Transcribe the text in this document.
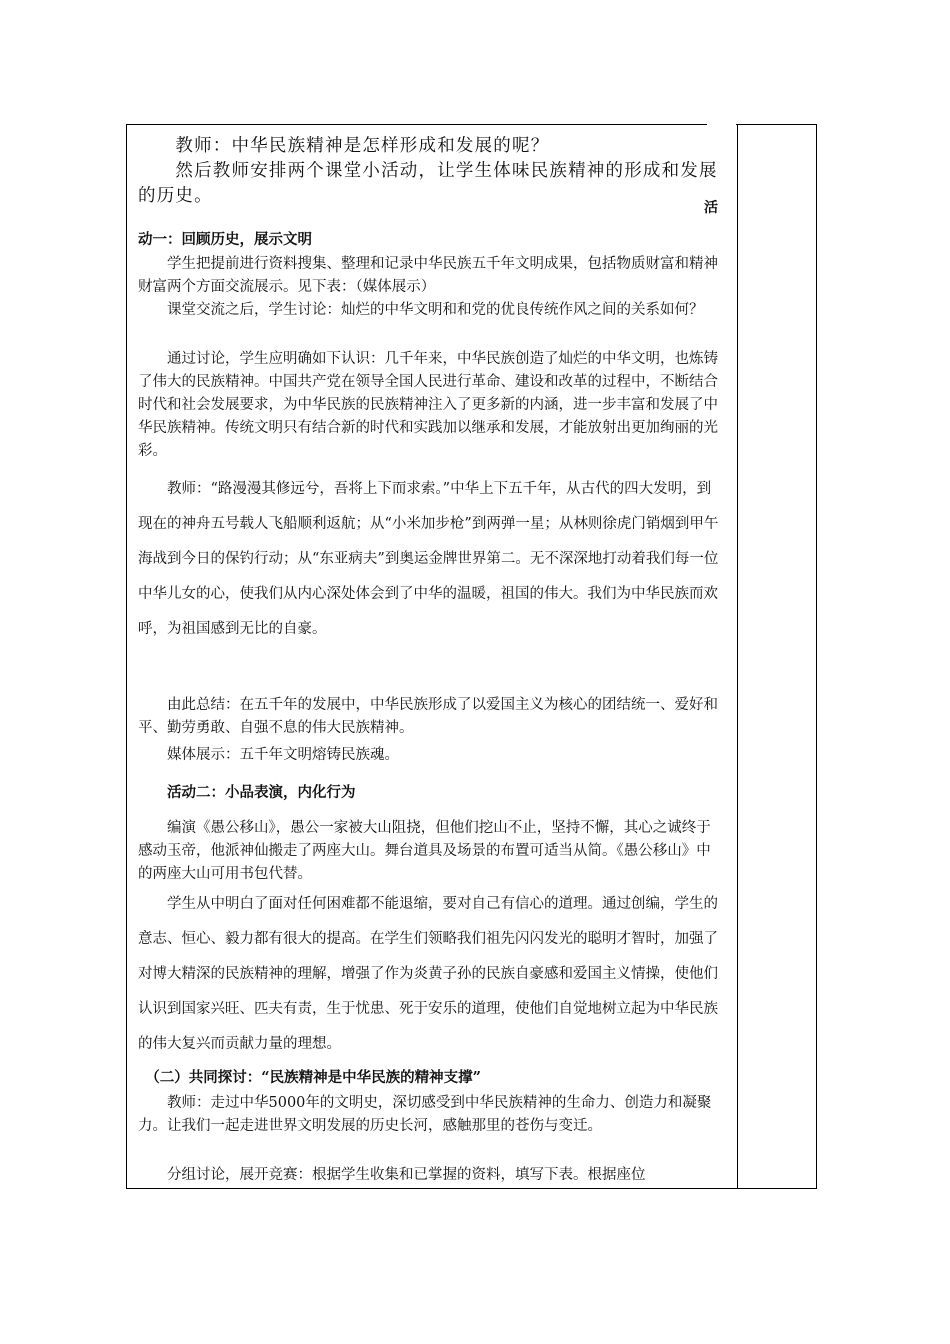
活
　　教师：中华民族精神是怎样形成和发展的呢？
　　然后教师安排两个课堂小活动，让学生体味民族精神的形成和发展的历史。
动一：回顾历史，展示文明
　　学生把提前进行资料搜集、整理和记录中华民族五千年文明成果，包括物质财富和精神财富两个方面交流展示。见下表：（媒体展示）
　　课堂交流之后，学生讨论：灿烂的中华文明和和党的优良传统作风之间的关系如何？
　　通过讨论，学生应明确如下认识：几千年来，中华民族创造了灿烂的中华文明，也炼铸了伟大的民族精神。中国共产党在领导全国人民进行革命、建设和改革的过程中，不断结合时代和社会发展要求，为中华民族的民族精神注入了更多新的内涵，进一步丰富和发展了中华民族精神。传统文明只有结合新的时代和实践加以继承和发展，才能放射出更加绚丽的光彩。
　　教师：“路漫漫其修远兮，吾将上下而求索。”中华上下五千年，从古代的四大发明，到现在的神舟五号载人飞船顺利返航；从“小米加步枪”到两弹一星；从林则徐虎门销烟到甲午海战到今日的保钓行动；从“东亚病夫”到奥运金牌世界第二。无不深深地打动着我们每一位中华儿女的心，使我们从内心深处体会到了中华的温暖，祖国的伟大。我们为中华民族而欢呼，为祖国感到无比的自豪。
　　由此总结：在五千年的发展中，中华民族形成了以爱国主义为核心的团结统一、爱好和平、勤劳勇敢、自强不息的伟大民族精神。
　　媒体展示：五千年文明熔铸民族魂。
　　活动二：小品表演，内化行为
　　编演《愚公移山》，愚公一家被大山阻挠，但他们挖山不止，坚持不懈，其心之诚终于感动玉帝，他派神仙搬走了两座大山。舞台道具及场景的布置可适当从简。《愚公移山》中的两座大山可用书包代替。
　　学生从中明白了面对任何困难都不能退缩，要对自己有信心的道理。通过创编，学生的意志、恒心、毅力都有很大的提高。在学生们领略我们祖先闪闪发光的聪明才智时，加强了对博大精深的民族精神的理解，增强了作为炎黄子孙的民族自豪感和爱国主义情操，使他们认识到国家兴旺、匹夫有责，生于忧患、死于安乐的道理，使他们自觉地树立起为中华民族的伟大复兴而贡献力量的理想。
　（二）共同探讨：“民族精神是中华民族的精神支撑”
　　教师：走过中华5000年的文明史，深切感受到中华民族精神的生命力、创造力和凝聚力。让我们一起走进世界文明发展的历史长河，感触那里的苍伤与变迁。
　　分组讨论，展开竞赛：根据学生收集和已掌握的资料，填写下表。根据座位
